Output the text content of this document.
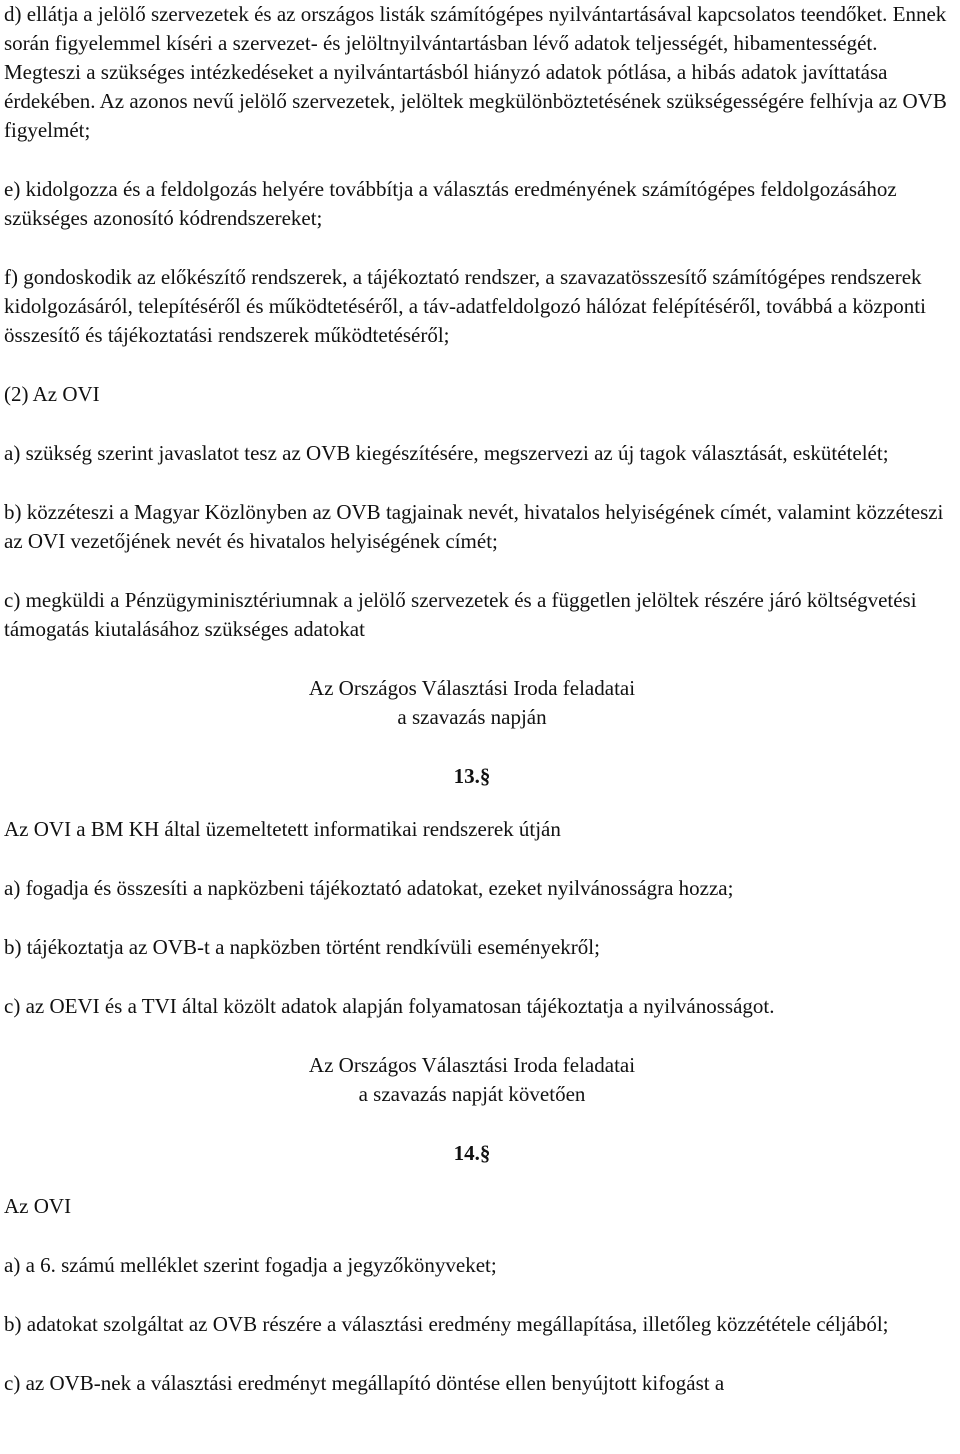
d) ellátja a jelölő szervezetek és az országos listák számítógépes nyilvántartásával kapcsolatos teendőket. Ennek során figyelemmel kíséri a szervezet- és jelöltnyilvántartásban lévő adatok teljességét, hibamentességét. Megteszi a szükséges intézkedéseket a nyilvántartásból hiányzó adatok pótlása, a hibás adatok javíttatása érdekében. Az azonos nevű jelölő szervezetek, jelöltek megkülönböztetésének szükségességére felhívja az OVB figyelmét;

e) kidolgozza és a feldolgozás helyére továbbítja a választás eredményének számítógépes feldolgozásához szükséges azonosító kódrendszereket;

f) gondoskodik az előkészítő rendszerek, a tájékoztató rendszer, a szavazatösszesítő számítógépes rendszerek kidolgozásáról, telepítéséről és működtetéséről, a táv-adatfeldolgozó hálózat felépítéséről, továbbá a központi összesítő és tájékoztatási rendszerek működtetéséről;

(2) Az OVI

a) szükség szerint javaslatot tesz az OVB kiegészítésére, megszervezi az új tagok választását, eskütételét;

b) közzéteszi a Magyar Közlönyben az OVB tagjainak nevét, hivatalos helyiségének címét, valamint közzéteszi az OVI vezetőjének nevét és hivatalos helyiségének címét;

c) megküldi a Pénzügyminisztériumnak a jelölő szervezetek és a független jelöltek részére járó költségvetési támogatás kiutalásához szükséges adatokat

Az Országos Választási Iroda feladatai

a szavazás napján

13.§

Az OVI a BM KH által üzemeltetett informatikai rendszerek útján

a) fogadja és összesíti a napközbeni tájékoztató adatokat, ezeket nyilvánosságra hozza;

b) tájékoztatja az OVB-t a napközben történt rendkívüli eseményekről;

c) az OEVI és a TVI által közölt adatok alapján folyamatosan tájékoztatja a nyilvánosságot.

Az Országos Választási Iroda feladatai

a szavazás napját követően

14.§

Az OVI

a) a 6. számú melléklet szerint fogadja a jegyzőkönyveket;

b) adatokat szolgáltat az OVB részére a választási eredmény megállapítása, illetőleg közzététele céljából;

c) az OVB-nek a választási eredményt megállapító döntése ellen benyújtott kifogást a
